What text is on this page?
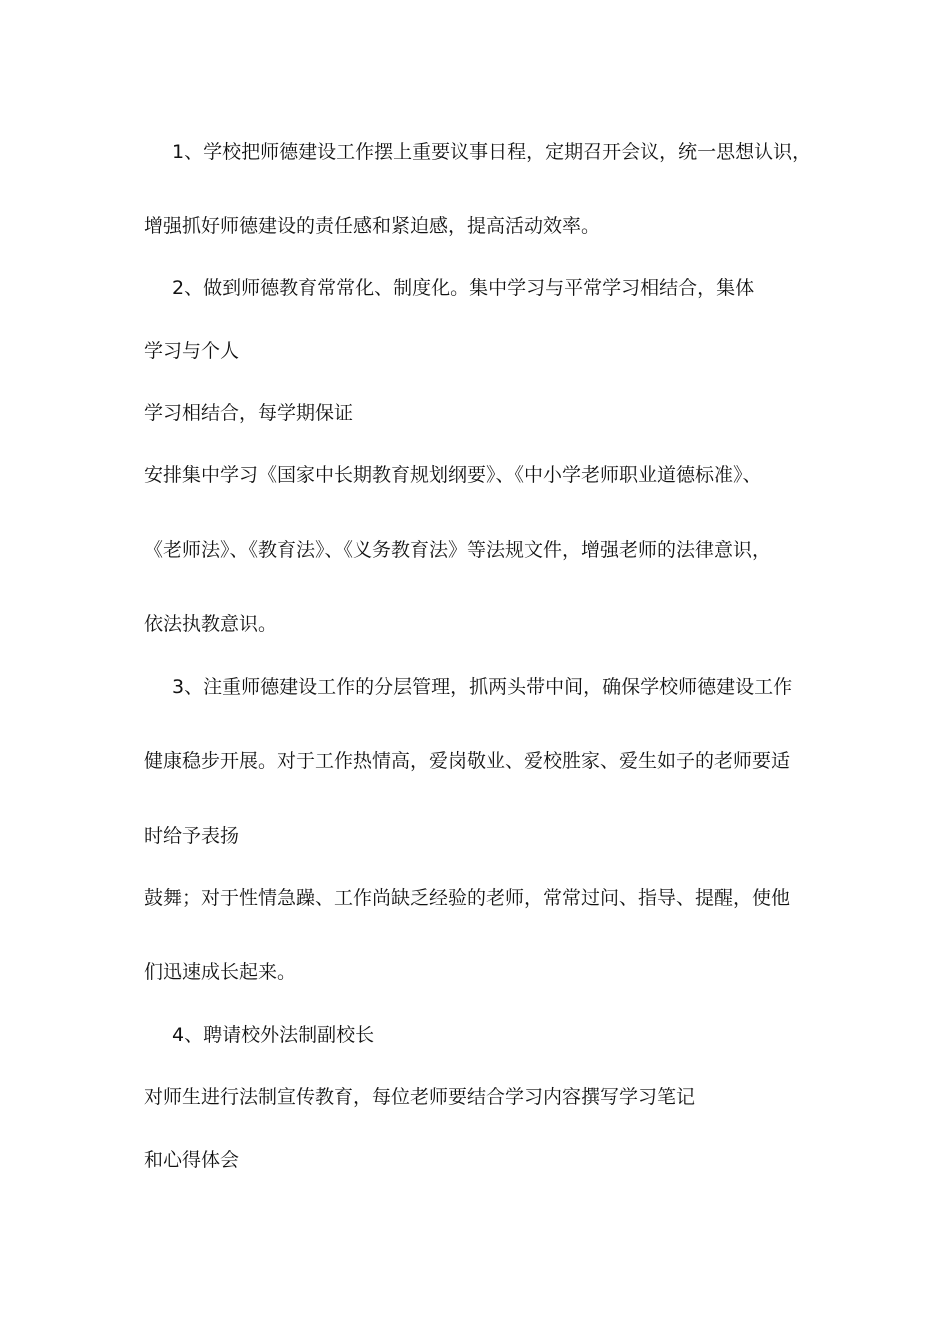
1、学校把师德建设工作摆上重要议事日程，定期召开会议，统一思想认识，
增强抓好师德建设的责任感和紧迫感，提高活动效率。
2、做到师德教育常常化、制度化。集中学习与平常学习相结合，集体
学习与个人
学习相结合，每学期保证
安排集中学习《国家中长期教育规划纲要》、《中小学老师职业道德标准》、
《老师法》、《教育法》、《义务教育法》等法规文件，增强老师的法律意识，
依法执教意识。
3、注重师德建设工作的分层管理，抓两头带中间，确保学校师德建设工作
健康稳步开展。对于工作热情高，爱岗敬业、爱校胜家、爱生如子的老师要适
时给予表扬
鼓舞；对于性情急躁、工作尚缺乏经验的老师，常常过问、指导、提醒，使他
们迅速成长起来。
4、聘请校外法制副校长
对师生进行法制宣传教育，每位老师要结合学习内容撰写学习笔记
和心得体会
